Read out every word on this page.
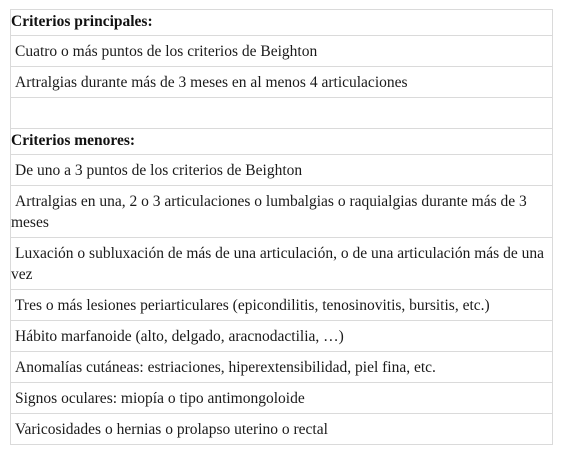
Criterios principales:
Cuatro o más puntos de los criterios de Beighton
Artralgias durante más de 3 meses en al menos 4 articulaciones

Criterios menores:
De uno a 3 puntos de los criterios de Beighton
Artralgias en una, 2 o 3 articulaciones o lumbalgias o raquialgias durante más de 3 meses
Luxación o subluxación de más de una articulación, o de una articulación más de una vez
Tres o más lesiones periarticulares (epicondilitis, tenosinovitis, bursitis, etc.)
Hábito marfanoide (alto, delgado, aracnodactilia, …)
Anomalías cutáneas: estriaciones, hiperextensibilidad, piel fina, etc.
Signos oculares: miopía o tipo antimongoloide
Varicosidades o hernias o prolapso uterino o rectal
